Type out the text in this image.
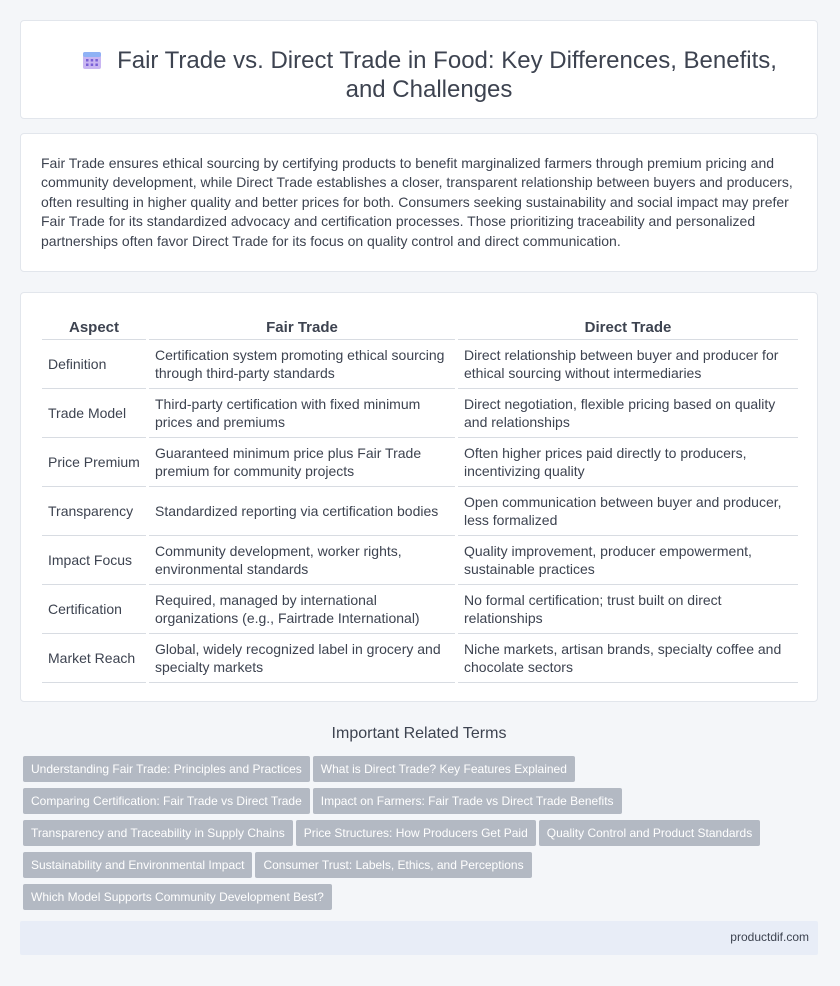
Fair Trade vs. Direct Trade in Food: Key Differences, Benefits, and Challenges

Fair Trade ensures ethical sourcing by certifying products to benefit marginalized farmers through premium pricing and community development, while Direct Trade establishes a closer, transparent relationship between buyers and producers, often resulting in higher quality and better prices for both. Consumers seeking sustainability and social impact may prefer Fair Trade for its standardized advocacy and certification processes. Those prioritizing traceability and personalized partnerships often favor Direct Trade for its focus on quality control and direct communication.

Aspect	Fair Trade	Direct Trade
Definition	Certification system promoting ethical sourcing through third-party standards	Direct relationship between buyer and producer for ethical sourcing without intermediaries
Trade Model	Third-party certification with fixed minimum prices and premiums	Direct negotiation, flexible pricing based on quality and relationships
Price Premium	Guaranteed minimum price plus Fair Trade premium for community projects	Often higher prices paid directly to producers, incentivizing quality
Transparency	Standardized reporting via certification bodies	Open communication between buyer and producer, less formalized
Impact Focus	Community development, worker rights, environmental standards	Quality improvement, producer empowerment, sustainable practices
Certification	Required, managed by international organizations (e.g., Fairtrade International)	No formal certification; trust built on direct relationships
Market Reach	Global, widely recognized label in grocery and specialty markets	Niche markets, artisan brands, specialty coffee and chocolate sectors
Important Related Terms
Understanding Fair Trade: Principles and Practices What is Direct Trade? Key Features Explained
Comparing Certification: Fair Trade vs Direct Trade Impact on Farmers: Fair Trade vs Direct Trade Benefits
Transparency and Traceability in Supply Chains Price Structures: How Producers Get Paid Quality Control and Product Standards
Sustainability and Environmental Impact Consumer Trust: Labels, Ethics, and Perceptions
Which Model Supports Community Development Best?
productdif.com
